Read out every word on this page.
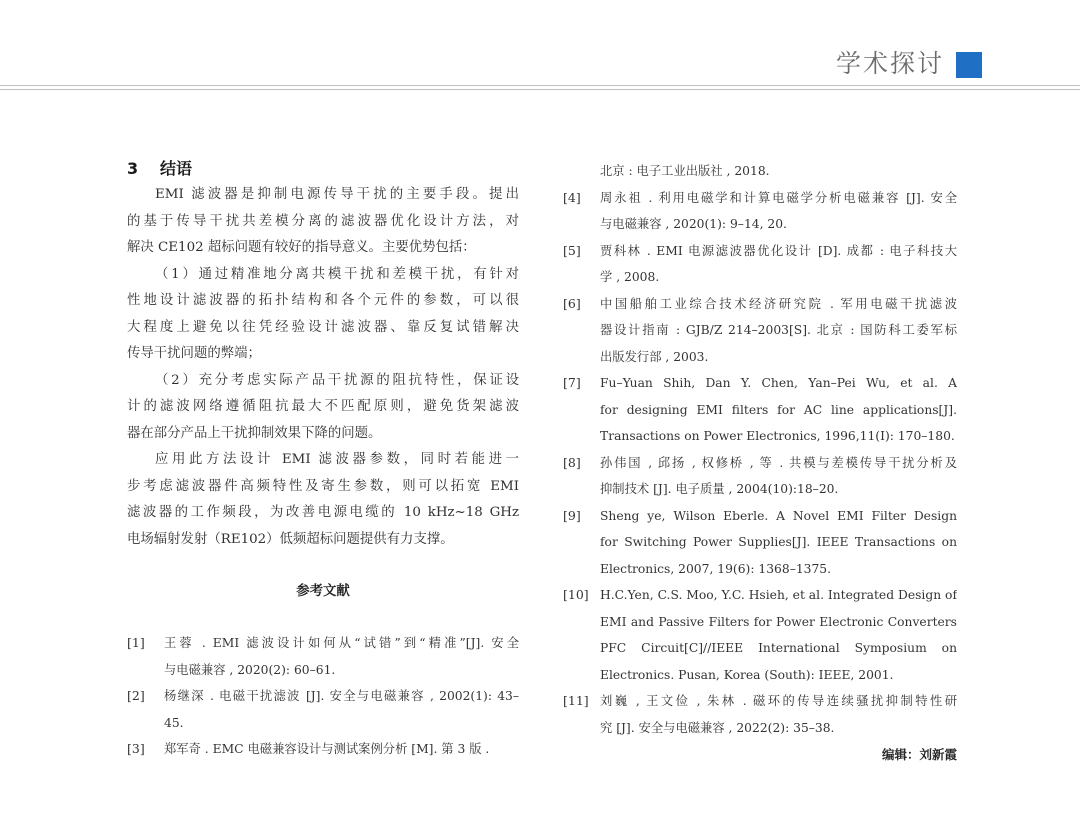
学术探讨
3 结语
EMI 滤波器是抑制电源传导干扰的主要手段。提出
的基于传导干扰共差模分离的滤波器优化设计方法，对
解决 CE102 超标问题有较好的指导意义。主要优势包括：
（1）通过精准地分离共模干扰和差模干扰，有针对
性地设计滤波器的拓扑结构和各个元件的参数，可以很
大程度上避免以往凭经验设计滤波器、靠反复试错解决
传导干扰问题的弊端；
（2）充分考虑实际产品干扰源的阻抗特性，保证设
计的滤波网络遵循阻抗最大不匹配原则，避免货架滤波
器在部分产品上干扰抑制效果下降的问题。
应用此方法设计 EMI 滤波器参数，同时若能进一
步考虑滤波器件高频特性及寄生参数，则可以拓宽 EMI
滤波器的工作频段，为改善电源电缆的 10 kHz~18 GHz
电场辐射发射（RE102）低频超标问题提供有力支撑。
参考文献
[1]	王蓉 . EMI 滤波设计如何从“试错”到“精准”[J]. 安全
与电磁兼容 , 2020(2): 60–61.
[2]	杨继深 . 电磁干扰滤波 [J]. 安全与电磁兼容 , 2002(1): 43–
45.
[3]	郑军奇 . EMC 电磁兼容设计与测试案例分析 [M]. 第 3 版 .
北京 : 电子工业出版社 , 2018.
[4]	周永祖 . 利用电磁学和计算电磁学分析电磁兼容 [J]. 安全
与电磁兼容 , 2020(1): 9–14, 20.
[5]	贾科林 . EMI 电源滤波器优化设计 [D]. 成都 : 电子科技大
学 , 2008.
[6]	中国船舶工业综合技术经济研究院 . 军用电磁干扰滤波
器设计指南 : GJB/Z 214–2003[S]. 北京 : 国防科工委军标
出版发行部 , 2003.
[7]	Fu–Yuan Shih, Dan Y. Chen, Yan–Pei Wu, et al. A
for designing EMI filters for AC line applications[J].
Transactions on Power Electronics, 1996,11(I): 170–180.
[8]	孙伟国 , 邱扬 , 权修桥 , 等 . 共模与差模传导干扰分析及
抑制技术 [J]. 电子质量 , 2004(10):18–20.
[9]	Sheng ye, Wilson Eberle. A Novel EMI Filter Design
for Switching Power Supplies[J]. IEEE Transactions on
Electronics, 2007, 19(6): 1368–1375.
[10] H.C.Yen, C.S. Moo, Y.C. Hsieh, et al. Integrated Design of
EMI and Passive Filters for Power Electronic Converters
PFC Circuit[C]//IEEE International Symposium on
Electronics. Pusan, Korea (South): IEEE, 2001.
[11] 刘巍 , 王文俭 , 朱林 . 磁环的传导连续骚扰抑制特性研
究 [J]. 安全与电磁兼容 , 2022(2): 35–38.
编辑：刘新霞
